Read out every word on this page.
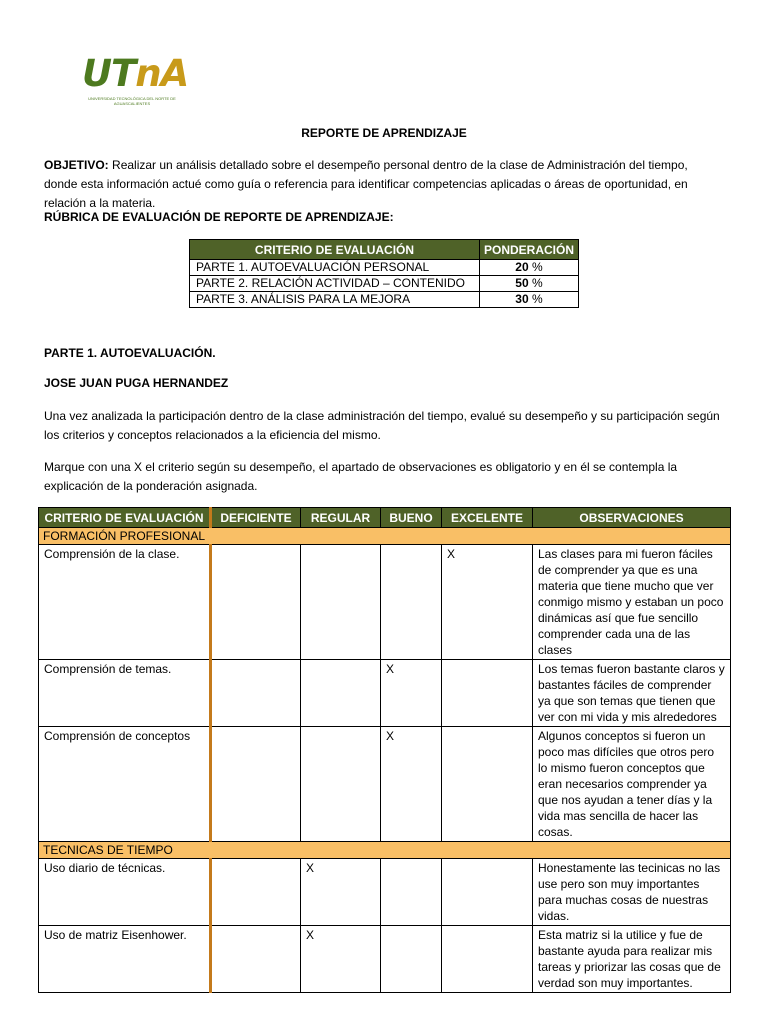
UTnA
UNIVERSIDAD TECNOLÓGICA DEL NORTE DE AGUASCALIENTES
REPORTE DE APRENDIZAJE
OBJETIVO: Realizar un análisis detallado sobre el desempeño personal dentro de la clase de Administración del tiempo, donde esta información actué como guía o referencia para identificar competencias aplicadas o áreas de oportunidad, en relación a la materia.
RÚBRICA DE EVALUACIÓN DE REPORTE DE APRENDIZAJE:
CRITERIO DE EVALUACIÓN	PONDERACIÓN
PARTE 1. AUTOEVALUACIÓN PERSONAL	20 %
PARTE 2. RELACIÓN ACTIVIDAD – CONTENIDO	50 %
PARTE 3. ANÁLISIS PARA LA MEJORA	30 %
PARTE 1. AUTOEVALUACIÓN.
JOSE JUAN PUGA HERNANDEZ
Una vez analizada la participación dentro de la clase administración del tiempo, evalué su desempeño y su participación según los criterios y conceptos relacionados a la eficiencia del mismo.
Marque con una X el criterio según su desempeño, el apartado de observaciones es obligatorio y en él se contempla la explicación de la ponderación asignada.
CRITERIO DE EVALUACIÓN	DEFICIENTE	REGULAR	BUENO	EXCELENTE	OBSERVACIONES
FORMACIÓN PROFESIONAL					
Comprensión de la clase.				X	Las clases para mi fueron fáciles de comprender ya que es una materia que tiene mucho que ver conmigo mismo y estaban un poco dinámicas así que fue sencillo comprender cada una de las clases
Comprensión de temas.			X		Los temas fueron bastante claros y bastantes fáciles de comprender ya que son temas que tienen que ver con mi vida y mis alrededores
Comprensión de conceptos			X		Algunos conceptos si fueron un poco mas difíciles que otros pero lo mismo fueron conceptos que eran necesarios comprender ya que nos ayudan a tener días y la vida mas sencilla de hacer las cosas.
TECNICAS DE TIEMPO					
Uso diario de técnicas.		X			Honestamente las tecinicas no las use pero son muy importantes para muchas cosas de nuestras vidas.
Uso de matriz Eisenhower.		X			Esta matriz si la utilice y fue de bastante ayuda para realizar mis tareas y priorizar las cosas que de verdad son muy importantes.
